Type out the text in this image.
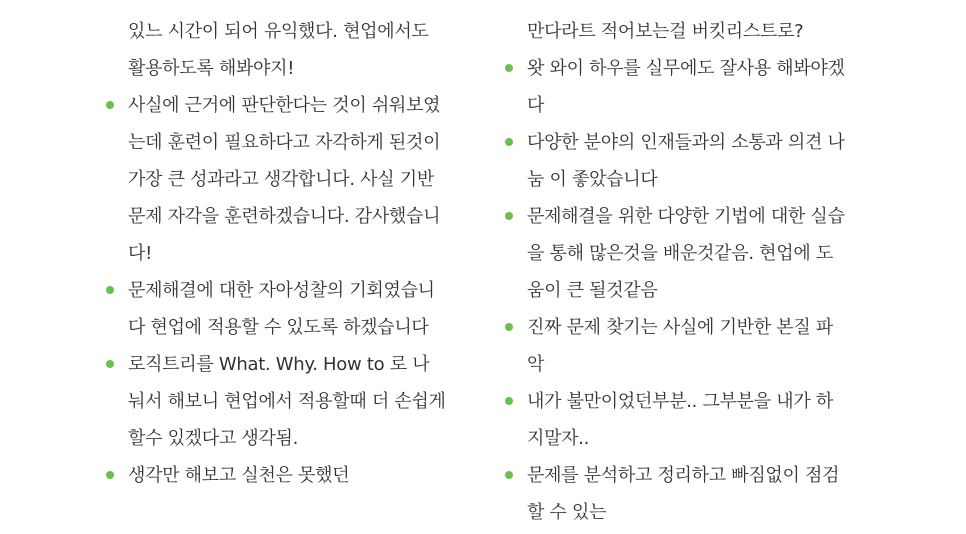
있느 시간이 되어 유익했다. 현업에서도
활용하도록 해봐야지!

사실에 근거에 판단한다는 것이 쉬워보였
는데 훈련이 필요하다고 자각하게 된것이
가장 큰 성과라고 생각합니다. 사실 기반
문제 자각을 훈련하겠습니다. 감사했습니
다!
문제해결에 대한 자아성찰의 기회였습니
다 현업에 적용할 수 있도록 하겠습니다
로직트리를 What. Why. How to 로 나
눠서 해보니 현업에서 적용할때 더 손쉽게
할수 있겠다고 생각됨.
생각만 해보고 실천은 못했던

만다라트 적어보는걸 버킷리스트로?

왓 와이 하우를 실무에도 잘사용 해봐야겠
다
다양한 분야의 인재들과의 소통과 의견 나
눔 이 좋았습니다
문제해결을 위한 다양한 기법에 대한 실습
을 통해 많은것을 배운것같음. 현업에 도
움이 큰 될것같음
진짜 문제 찾기는 사실에 기반한 본질 파
악
내가 불만이었던부분.. 그부분을 내가 하
지말자..
문제를 분석하고 정리하고 빠짐없이 점검
할 수 있는
